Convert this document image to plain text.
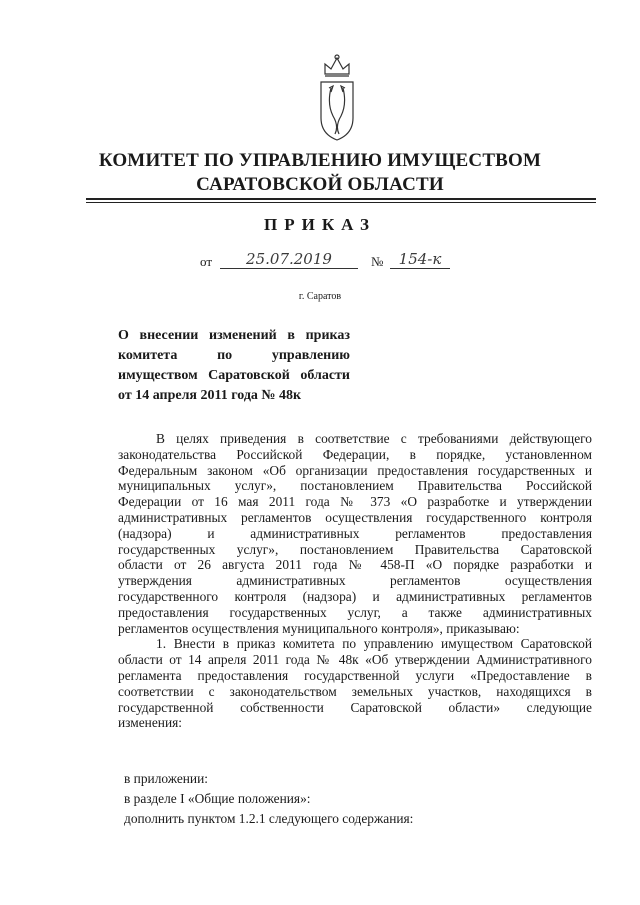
КОМИТЕТ ПО УПРАВЛЕНИЮ ИМУЩЕСТВОМ
САРАТОВСКОЙ ОБЛАСТИ
ПРИКАЗ
от	25.07.2019	№	154-к
г. Саратов
О внесении изменений в приказ
комитета по управлению
имуществом Саратовской области
от 14 апреля 2011 года № 48к
В целях приведения в соответствие с требованиями действующего
законодательства Российской Федерации, в порядке, установленном
Федеральным законом «Об организации предоставления государственных и
муниципальных услуг», постановлением Правительства Российской
Федерации от 16 мая 2011 года № 373 «О разработке и утверждении
административных регламентов осуществления государственного контроля
(надзора) и административных регламентов предоставления
государственных услуг», постановлением Правительства Саратовской
области от 26 августа 2011 года № 458-П «О порядке разработки и
утверждения административных регламентов осуществления
государственного контроля (надзора) и административных регламентов
предоставления государственных услуг, а также административных
регламентов осуществления муниципального контроля», приказываю:
1. Внести в приказ комитета по управлению имуществом Саратовской
области от 14 апреля 2011 года № 48к «Об утверждении Административного
регламента предоставления государственной услуги «Предоставление в
соответствии с законодательством земельных участков, находящихся в
государственной собственности Саратовской области» следующие
изменения:
в приложении:
в разделе I «Общие положения»:
дополнить пунктом 1.2.1 следующего содержания:
